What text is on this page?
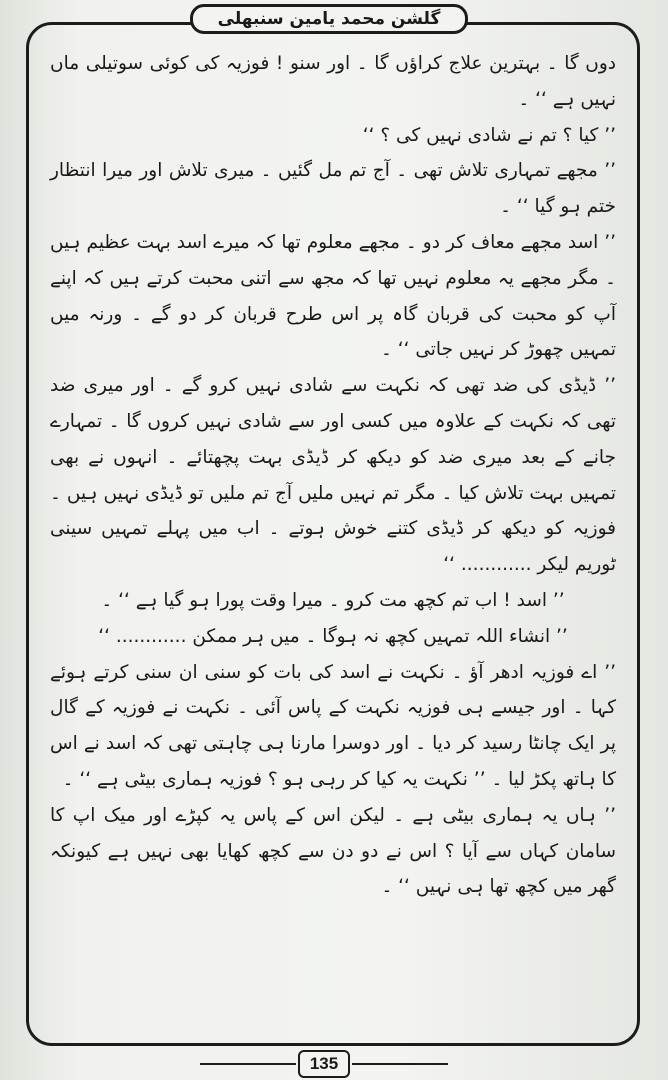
گلشن محمد یامین سنبھلی

دوں گا ۔ بہترین علاج کراؤں گا ۔ اور سنو ! فوزیہ کی کوئی سوتیلی ماں نہیں ہے ‘‘ ۔

’’ کیا ؟ تم نے شادی نہیں کی ؟ ‘‘

’’ مجھے تمہاری تلاش تھی ۔ آج تم مل گئیں ۔ میری تلاش اور میرا انتظار ختم ہو گیا ‘‘ ۔

’’ اسد مجھے معاف کر دو ۔ مجھے معلوم تھا کہ میرے اسد بہت عظیم ہیں ۔ مگر مجھے یہ معلوم نہیں تھا کہ مجھ سے اتنی محبت کرتے ہیں کہ اپنے آپ کو محبت کی قربان گاہ پر اس طرح قربان کر دو گے ۔ ورنہ میں تمہیں چھوڑ کر نہیں جاتی ‘‘ ۔

’’ ڈیڈی کی ضد تھی کہ نکہت سے شادی نہیں کرو گے ۔ اور میری ضد تھی کہ نکہت کے علاوہ میں کسی اور سے شادی نہیں کروں گا ۔ تمہارے جانے کے بعد میری ضد کو دیکھ کر ڈیڈی بہت پچھتائے ۔ انہوں نے بھی تمہیں بہت تلاش کیا ۔ مگر تم نہیں ملیں آج تم ملیں تو ڈیڈی نہیں ہیں ۔ فوزیہ کو دیکھ کر ڈیڈی کتنے خوش ہوتے ۔ اب میں پہلے تمہیں سینی ٹوریم لیکر ............ ‘‘

’’ اسد ! اب تم کچھ مت کرو ۔ میرا وقت پورا ہو گیا ہے ‘‘ ۔

’’ انشاء اللہ تمہیں کچھ نہ ہوگا ۔ میں ہر ممکن ............ ‘‘

’’ اے فوزیہ ادھر آؤ ۔ نکہت نے اسد کی بات کو سنی ان سنی کرتے ہوئے کہا ۔ اور جیسے ہی فوزیہ نکہت کے پاس آئی ۔ نکہت نے فوزیہ کے گال پر ایک چانٹا رسید کر دیا ۔ اور دوسرا مارنا ہی چاہتی تھی کہ اسد نے اس کا ہاتھ پکڑ لیا ۔ ’’ نکہت یہ کیا کر رہی ہو ؟ فوزیہ ہماری بیٹی ہے ‘‘ ۔

’’ ہاں یہ ہماری بیٹی ہے ۔ لیکن اس کے پاس یہ کپڑے اور میک اپ کا سامان کہاں سے آیا ؟ اس نے دو دن سے کچھ کھایا بھی نہیں ہے کیونکہ گھر میں کچھ تھا ہی نہیں ‘‘ ۔

135
